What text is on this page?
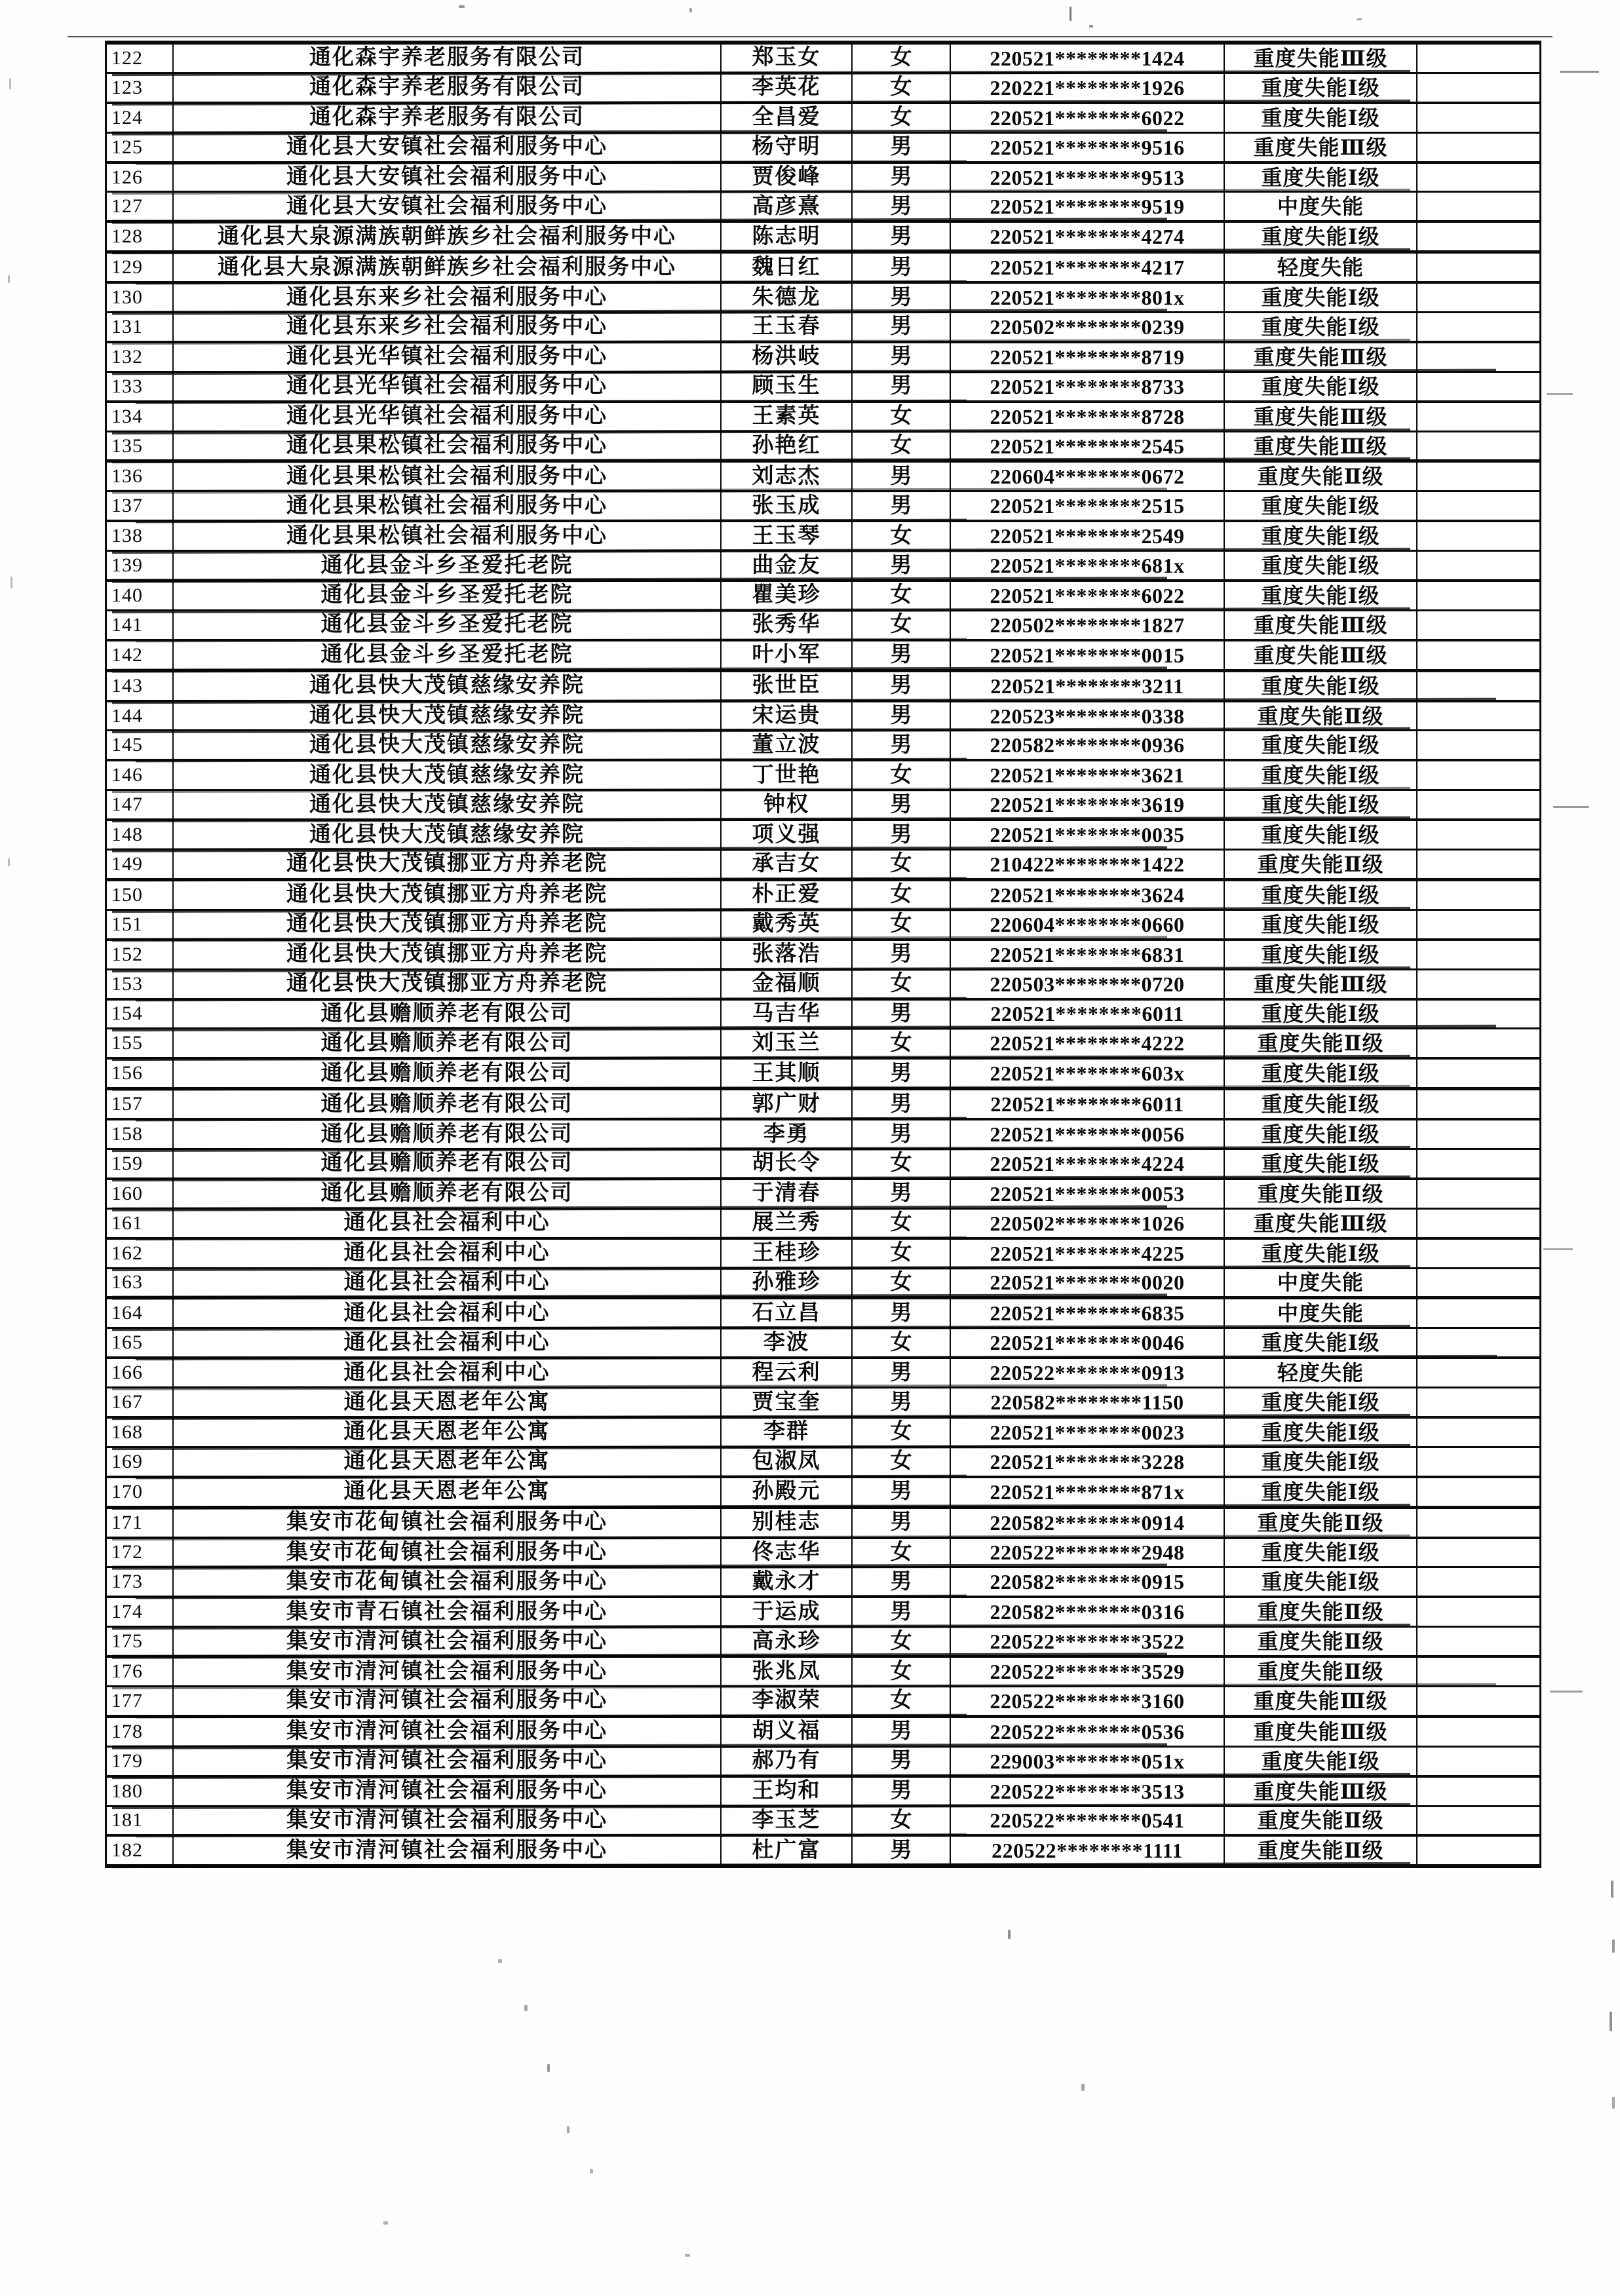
122	通化森宇养老服务有限公司	郑玉女	女	220521********1424	重度失能Ⅲ级
123	通化森宇养老服务有限公司	李英花	女	220221********1926	重度失能Ⅰ级
124	通化森宇养老服务有限公司	全昌爱	女	220521********6022	重度失能Ⅰ级
125	通化县大安镇社会福利服务中心	杨守明	男	220521********9516	重度失能Ⅲ级
126	通化县大安镇社会福利服务中心	贾俊峰	男	220521********9513	重度失能Ⅰ级
127	通化县大安镇社会福利服务中心	高彦熹	男	220521********9519	中度失能
128	通化县大泉源满族朝鲜族乡社会福利服务中心	陈志明	男	220521********4274	重度失能Ⅰ级
129	通化县大泉源满族朝鲜族乡社会福利服务中心	魏日红	男	220521********4217	轻度失能
130	通化县东来乡社会福利服务中心	朱德龙	男	220521********801x	重度失能Ⅰ级
131	通化县东来乡社会福利服务中心	王玉春	男	220502********0239	重度失能Ⅰ级
132	通化县光华镇社会福利服务中心	杨洪岐	男	220521********8719	重度失能Ⅲ级
133	通化县光华镇社会福利服务中心	顾玉生	男	220521********8733	重度失能Ⅰ级
134	通化县光华镇社会福利服务中心	王素英	女	220521********8728	重度失能Ⅲ级
135	通化县果松镇社会福利服务中心	孙艳红	女	220521********2545	重度失能Ⅲ级
136	通化县果松镇社会福利服务中心	刘志杰	男	220604********0672	重度失能Ⅱ级
137	通化县果松镇社会福利服务中心	张玉成	男	220521********2515	重度失能Ⅰ级
138	通化县果松镇社会福利服务中心	王玉琴	女	220521********2549	重度失能Ⅰ级
139	通化县金斗乡圣爱托老院	曲金友	男	220521********681x	重度失能Ⅰ级
140	通化县金斗乡圣爱托老院	瞿美珍	女	220521********6022	重度失能Ⅰ级
141	通化县金斗乡圣爱托老院	张秀华	女	220502********1827	重度失能Ⅲ级
142	通化县金斗乡圣爱托老院	叶小军	男	220521********0015	重度失能Ⅲ级
143	通化县快大茂镇慈缘安养院	张世臣	男	220521********3211	重度失能Ⅰ级
144	通化县快大茂镇慈缘安养院	宋运贵	男	220523********0338	重度失能Ⅱ级
145	通化县快大茂镇慈缘安养院	董立波	男	220582********0936	重度失能Ⅰ级
146	通化县快大茂镇慈缘安养院	丁世艳	女	220521********3621	重度失能Ⅰ级
147	通化县快大茂镇慈缘安养院	钟权	男	220521********3619	重度失能Ⅰ级
148	通化县快大茂镇慈缘安养院	项义强	男	220521********0035	重度失能Ⅰ级
149	通化县快大茂镇挪亚方舟养老院	承吉女	女	210422********1422	重度失能Ⅱ级
150	通化县快大茂镇挪亚方舟养老院	朴正爱	女	220521********3624	重度失能Ⅰ级
151	通化县快大茂镇挪亚方舟养老院	戴秀英	女	220604********0660	重度失能Ⅰ级
152	通化县快大茂镇挪亚方舟养老院	张落浩	男	220521********6831	重度失能Ⅰ级
153	通化县快大茂镇挪亚方舟养老院	金福顺	女	220503********0720	重度失能Ⅲ级
154	通化县赡顺养老有限公司	马吉华	男	220521********6011	重度失能Ⅰ级
155	通化县赡顺养老有限公司	刘玉兰	女	220521********4222	重度失能Ⅱ级
156	通化县赡顺养老有限公司	王其顺	男	220521********603x	重度失能Ⅰ级
157	通化县赡顺养老有限公司	郭广财	男	220521********6011	重度失能Ⅰ级
158	通化县赡顺养老有限公司	李勇	男	220521********0056	重度失能Ⅰ级
159	通化县赡顺养老有限公司	胡长令	女	220521********4224	重度失能Ⅰ级
160	通化县赡顺养老有限公司	于清春	男	220521********0053	重度失能Ⅱ级
161	通化县社会福利中心	展兰秀	女	220502********1026	重度失能Ⅲ级
162	通化县社会福利中心	王桂珍	女	220521********4225	重度失能Ⅰ级
163	通化县社会福利中心	孙雅珍	女	220521********0020	中度失能
164	通化县社会福利中心	石立昌	男	220521********6835	中度失能
165	通化县社会福利中心	李波	女	220521********0046	重度失能Ⅰ级
166	通化县社会福利中心	程云利	男	220522********0913	轻度失能
167	通化县天恩老年公寓	贾宝奎	男	220582********1150	重度失能Ⅰ级
168	通化县天恩老年公寓	李群	女	220521********0023	重度失能Ⅰ级
169	通化县天恩老年公寓	包淑凤	女	220521********3228	重度失能Ⅰ级
170	通化县天恩老年公寓	孙殿元	男	220521********871x	重度失能Ⅰ级
171	集安市花甸镇社会福利服务中心	别桂志	男	220582********0914	重度失能Ⅱ级
172	集安市花甸镇社会福利服务中心	佟志华	女	220522********2948	重度失能Ⅰ级
173	集安市花甸镇社会福利服务中心	戴永才	男	220582********0915	重度失能Ⅰ级
174	集安市青石镇社会福利服务中心	于运成	男	220582********0316	重度失能Ⅱ级
175	集安市清河镇社会福利服务中心	高永珍	女	220522********3522	重度失能Ⅱ级
176	集安市清河镇社会福利服务中心	张兆凤	女	220522********3529	重度失能Ⅱ级
177	集安市清河镇社会福利服务中心	李淑荣	女	220522********3160	重度失能Ⅲ级
178	集安市清河镇社会福利服务中心	胡义福	男	220522********0536	重度失能Ⅲ级
179	集安市清河镇社会福利服务中心	郝乃有	男	229003********051x	重度失能Ⅰ级
180	集安市清河镇社会福利服务中心	王均和	男	220522********3513	重度失能Ⅲ级
181	集安市清河镇社会福利服务中心	李玉芝	女	220522********0541	重度失能Ⅱ级
182	集安市清河镇社会福利服务中心	杜广富	男	220522********1111	重度失能Ⅱ级
